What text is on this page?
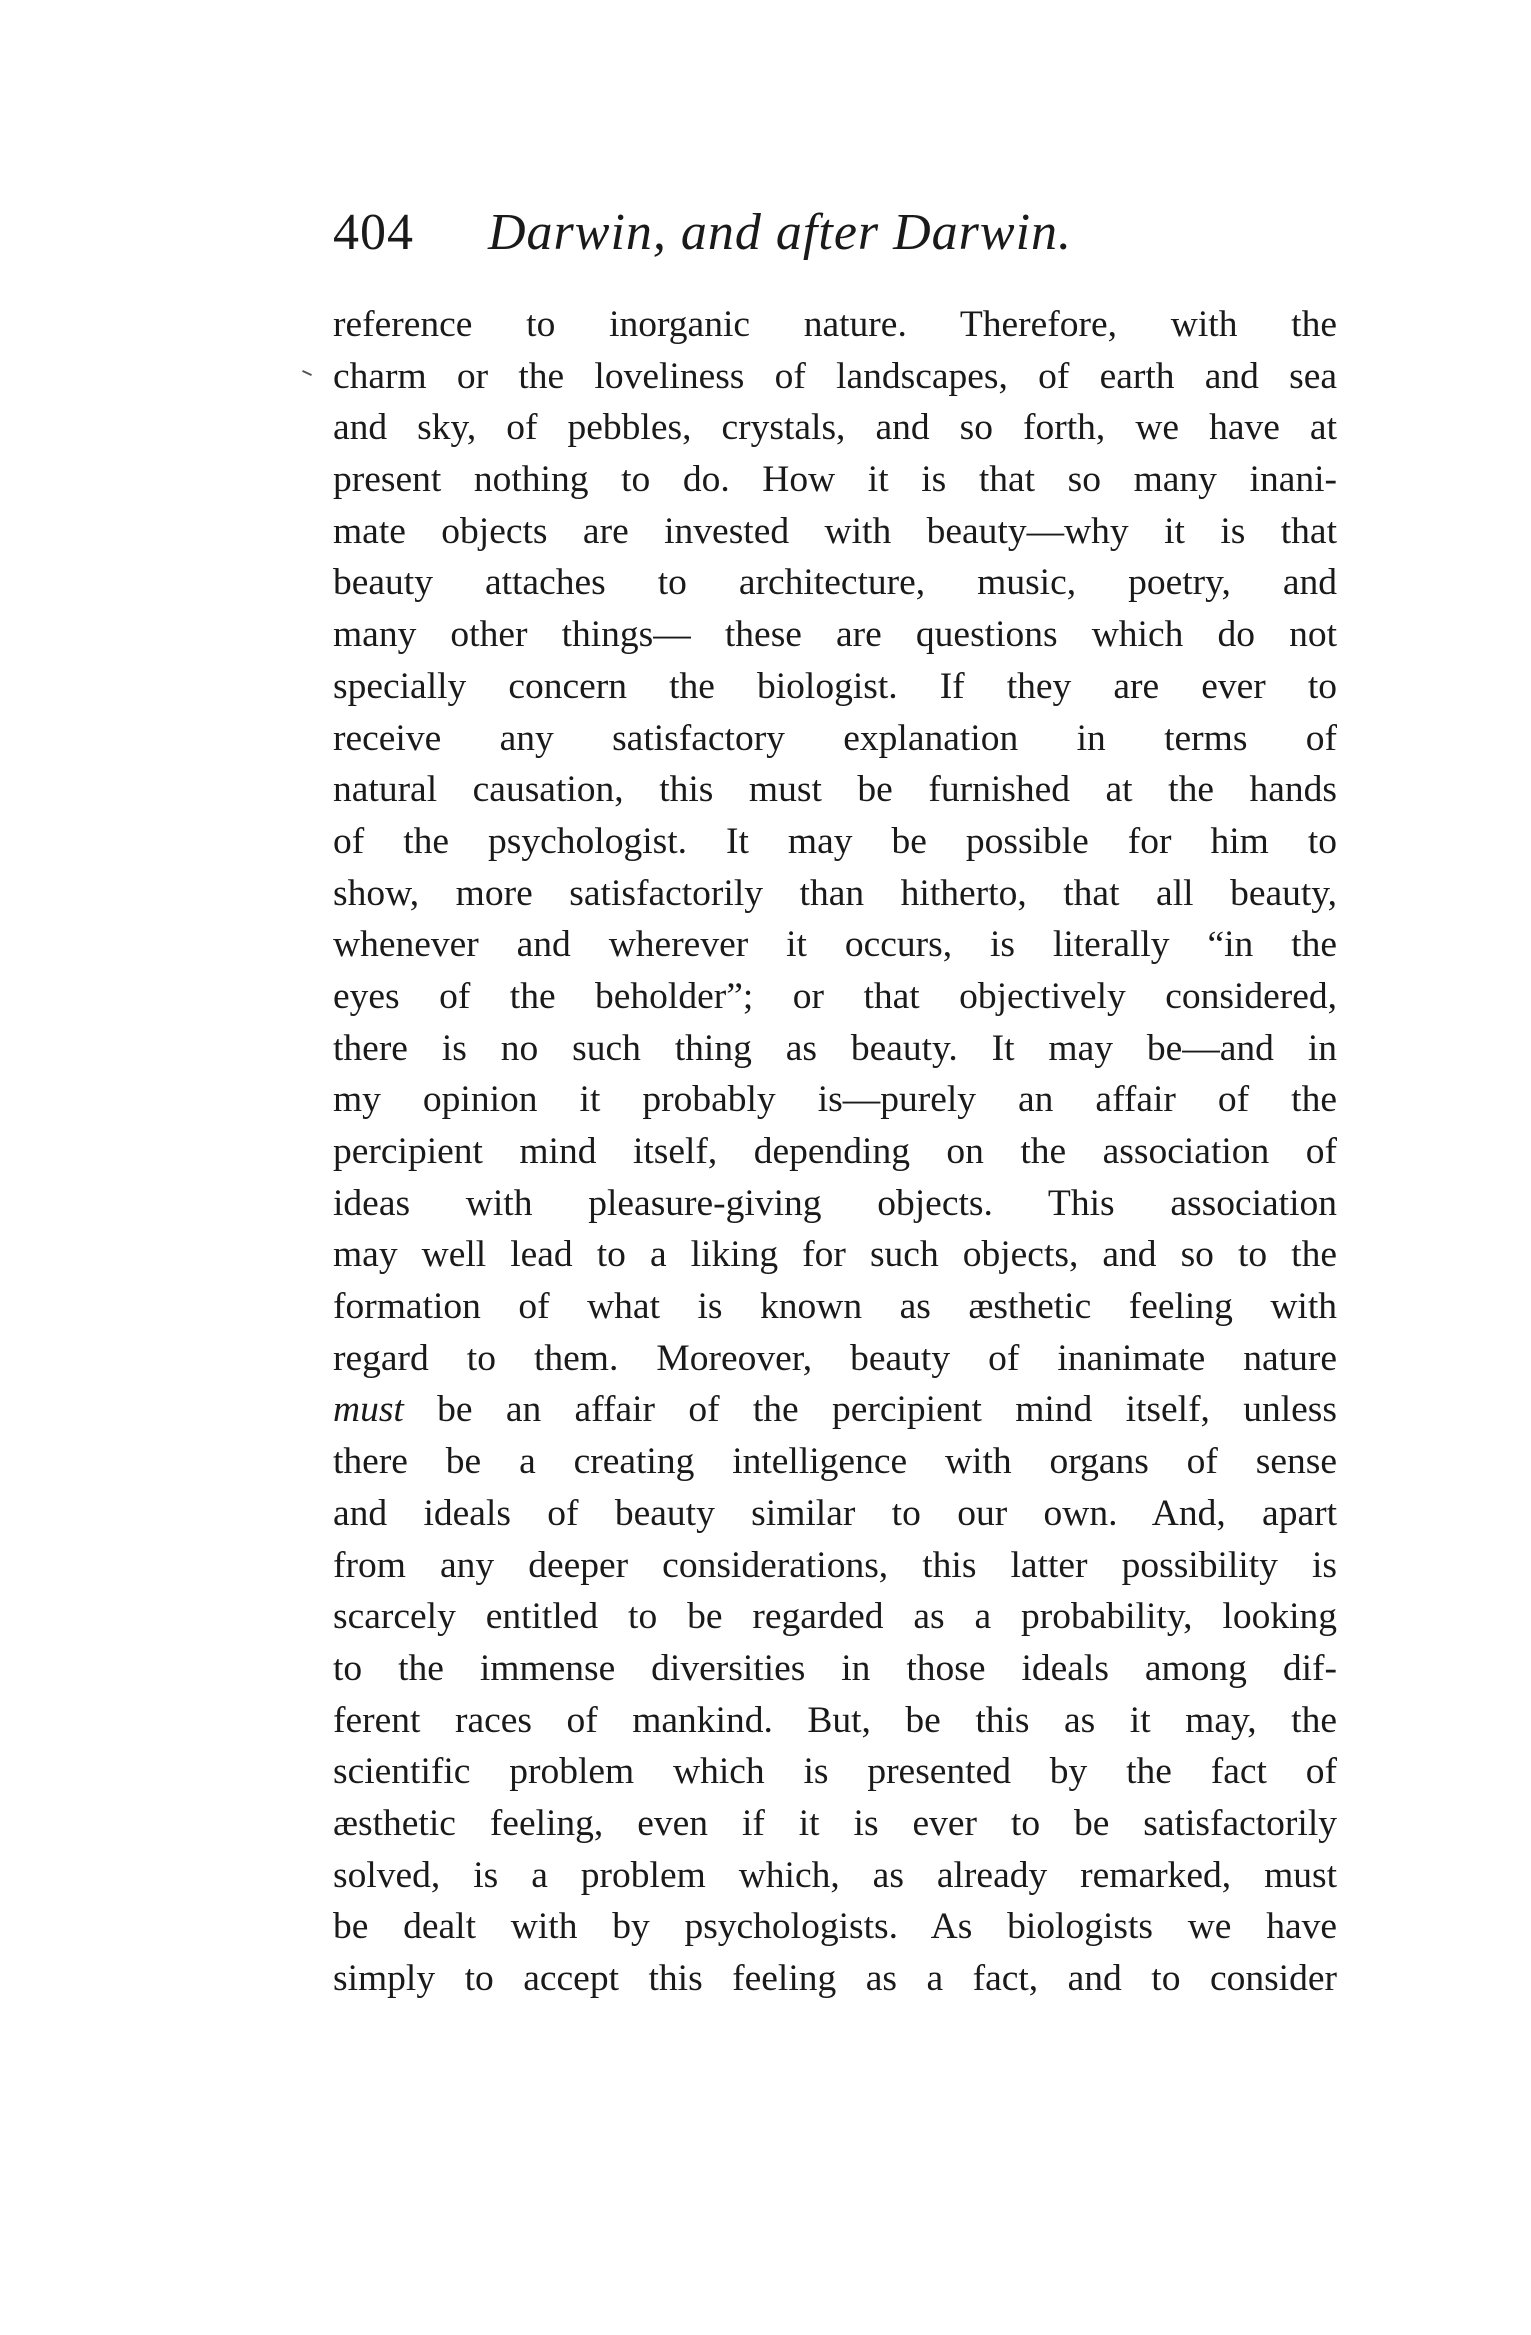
404 Darwin, and after Darwin.
reference to inorganic nature. Therefore, with the
charm or the loveliness of landscapes, of earth and sea
and sky, of pebbles, crystals, and so forth, we have at
present nothing to do. How it is that so many inani-
mate objects are invested with beauty—why it is that
beauty attaches to architecture, music, poetry, and
many other things— these are questions which do not
specially concern the biologist. If they are ever to
receive any satisfactory explanation in terms of
natural causation, this must be furnished at the hands
of the psychologist. It may be possible for him to
show, more satisfactorily than hitherto, that all beauty,
whenever and wherever it occurs, is literally “in the
eyes of the beholder”; or that objectively considered,
there is no such thing as beauty. It may be—and in
my opinion it probably is—purely an affair of the
percipient mind itself, depending on the association of
ideas with pleasure-giving objects. This association
may well lead to a liking for such objects, and so to the
formation of what is known as æsthetic feeling with
regard to them. Moreover, beauty of inanimate nature
must be an affair of the percipient mind itself, unless
there be a creating intelligence with organs of sense
and ideals of beauty similar to our own. And, apart
from any deeper considerations, this latter possibility is
scarcely entitled to be regarded as a probability, looking
to the immense diversities in those ideals among dif-
ferent races of mankind. But, be this as it may, the
scientific problem which is presented by the fact of
æsthetic feeling, even if it is ever to be satisfactorily
solved, is a problem which, as already remarked, must
be dealt with by psychologists. As biologists we have
simply to accept this feeling as a fact, and to consider
